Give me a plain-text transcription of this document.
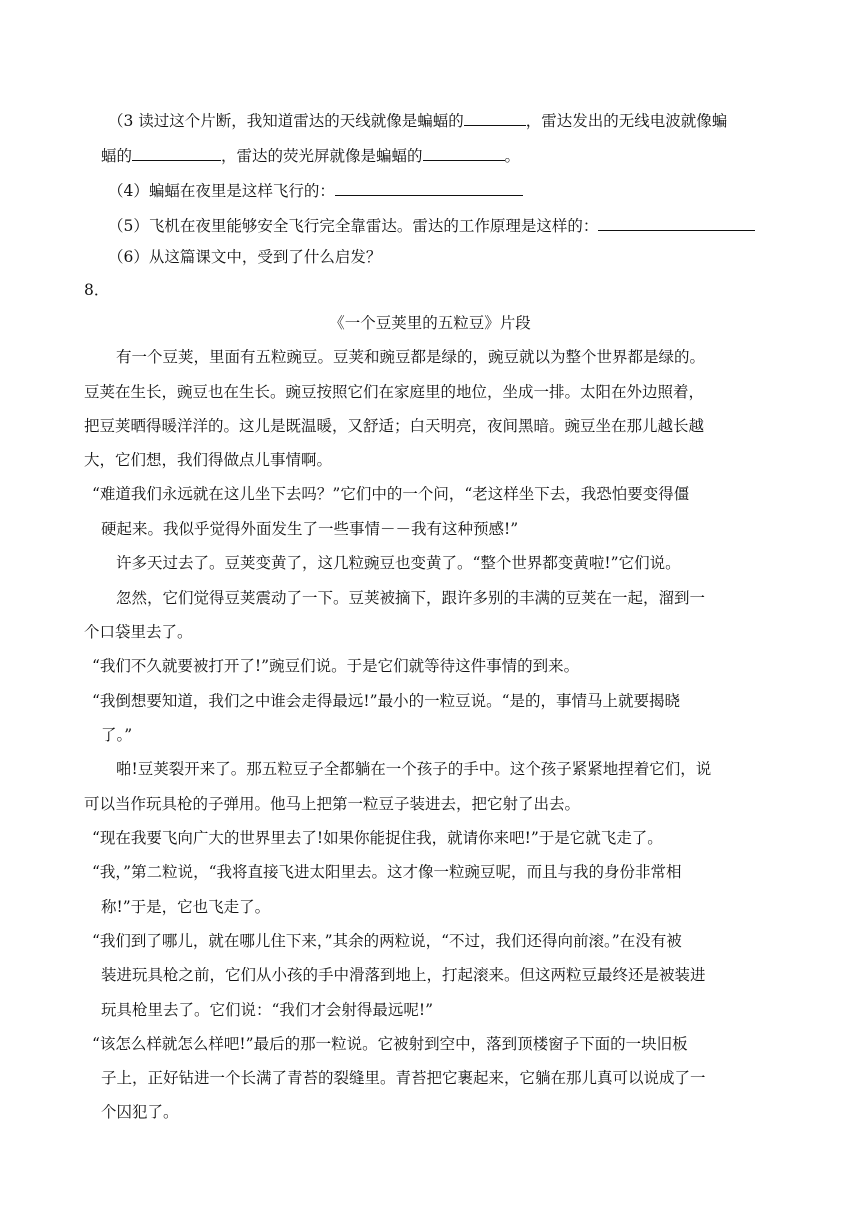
（3 读过这个片断，我知道雷达的天线就像是蝙蝠的	，雷达发出的无线电波就像蝙
蝠的	，雷达的荧光屏就像是蝙蝠的	。
（4）蝙蝠在夜里是这样飞行的：
（5）飞机在夜里能够安全飞行完全靠雷达。雷达的工作原理是这样的：
（6）从这篇课文中，受到了什么启发？
8．
《一个豆荚里的五粒豆》片段
有一个豆荚，里面有五粒豌豆。豆荚和豌豆都是绿的，豌豆就以为整个世界都是绿的。
豆荚在生长，豌豆也在生长。豌豆按照它们在家庭里的地位，坐成一排。太阳在外边照着，
把豆荚晒得暖洋洋的。这儿是既温暖，又舒适；白天明亮，夜间黑暗。豌豆坐在那儿越长越
大，它们想，我们得做点儿事情啊。
“难道我们永远就在这儿坐下去吗？”它们中的一个问，“老这样坐下去，我恐怕要变得僵
硬起来。我似乎觉得外面发生了一些事情－－我有这种预感!”
许多天过去了。豆荚变黄了，这几粒豌豆也变黄了。“整个世界都变黄啦!”它们说。
忽然，它们觉得豆荚震动了一下。豆荚被摘下，跟许多别的丰满的豆荚在一起，溜到一
个口袋里去了。
“我们不久就要被打开了!”豌豆们说。于是它们就等待这件事情的到来。
“我倒想要知道，我们之中谁会走得最远!”最小的一粒豆说。“是的，事情马上就要揭晓
了。”
啪!豆荚裂开来了。那五粒豆子全都躺在一个孩子的手中。这个孩子紧紧地捏着它们，说
可以当作玩具枪的子弹用。他马上把第一粒豆子装进去，把它射了出去。
“现在我要飞向广大的世界里去了!如果你能捉住我，就请你来吧!”于是它就飞走了。
“我，”第二粒说，“我将直接飞进太阳里去。这才像一粒豌豆呢，而且与我的身份非常相
称!”于是，它也飞走了。
“我们到了哪儿，就在哪儿住下来，”其余的两粒说，“不过，我们还得向前滚。”在没有被
装进玩具枪之前，它们从小孩的手中滑落到地上，打起滚来。但这两粒豆最终还是被装进
玩具枪里去了。它们说：“我们才会射得最远呢!”
“该怎么样就怎么样吧!”最后的那一粒说。它被射到空中，落到顶楼窗子下面的一块旧板
子上，正好钻进一个长满了青苔的裂缝里。青苔把它裹起来，它躺在那儿真可以说成了一
个囚犯了。
